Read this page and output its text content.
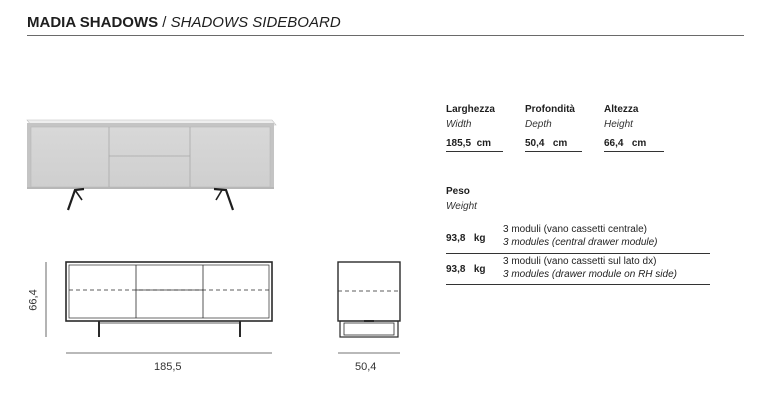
MADIA SHADOWS / SHADOWS SIDEBOARD
66,4
185,5	50,4
Larghezza
Width
185,5 cm
Profondità
Depth
50,4 cm
Altezza
Height
66,4 cm
Peso
Weight
93,8 kg
3 moduli (vano cassetti centrale)
3 modules (central drawer module)
93,8 kg
3 moduli (vano cassetti sul lato dx)
3 modules (drawer module on RH side)
